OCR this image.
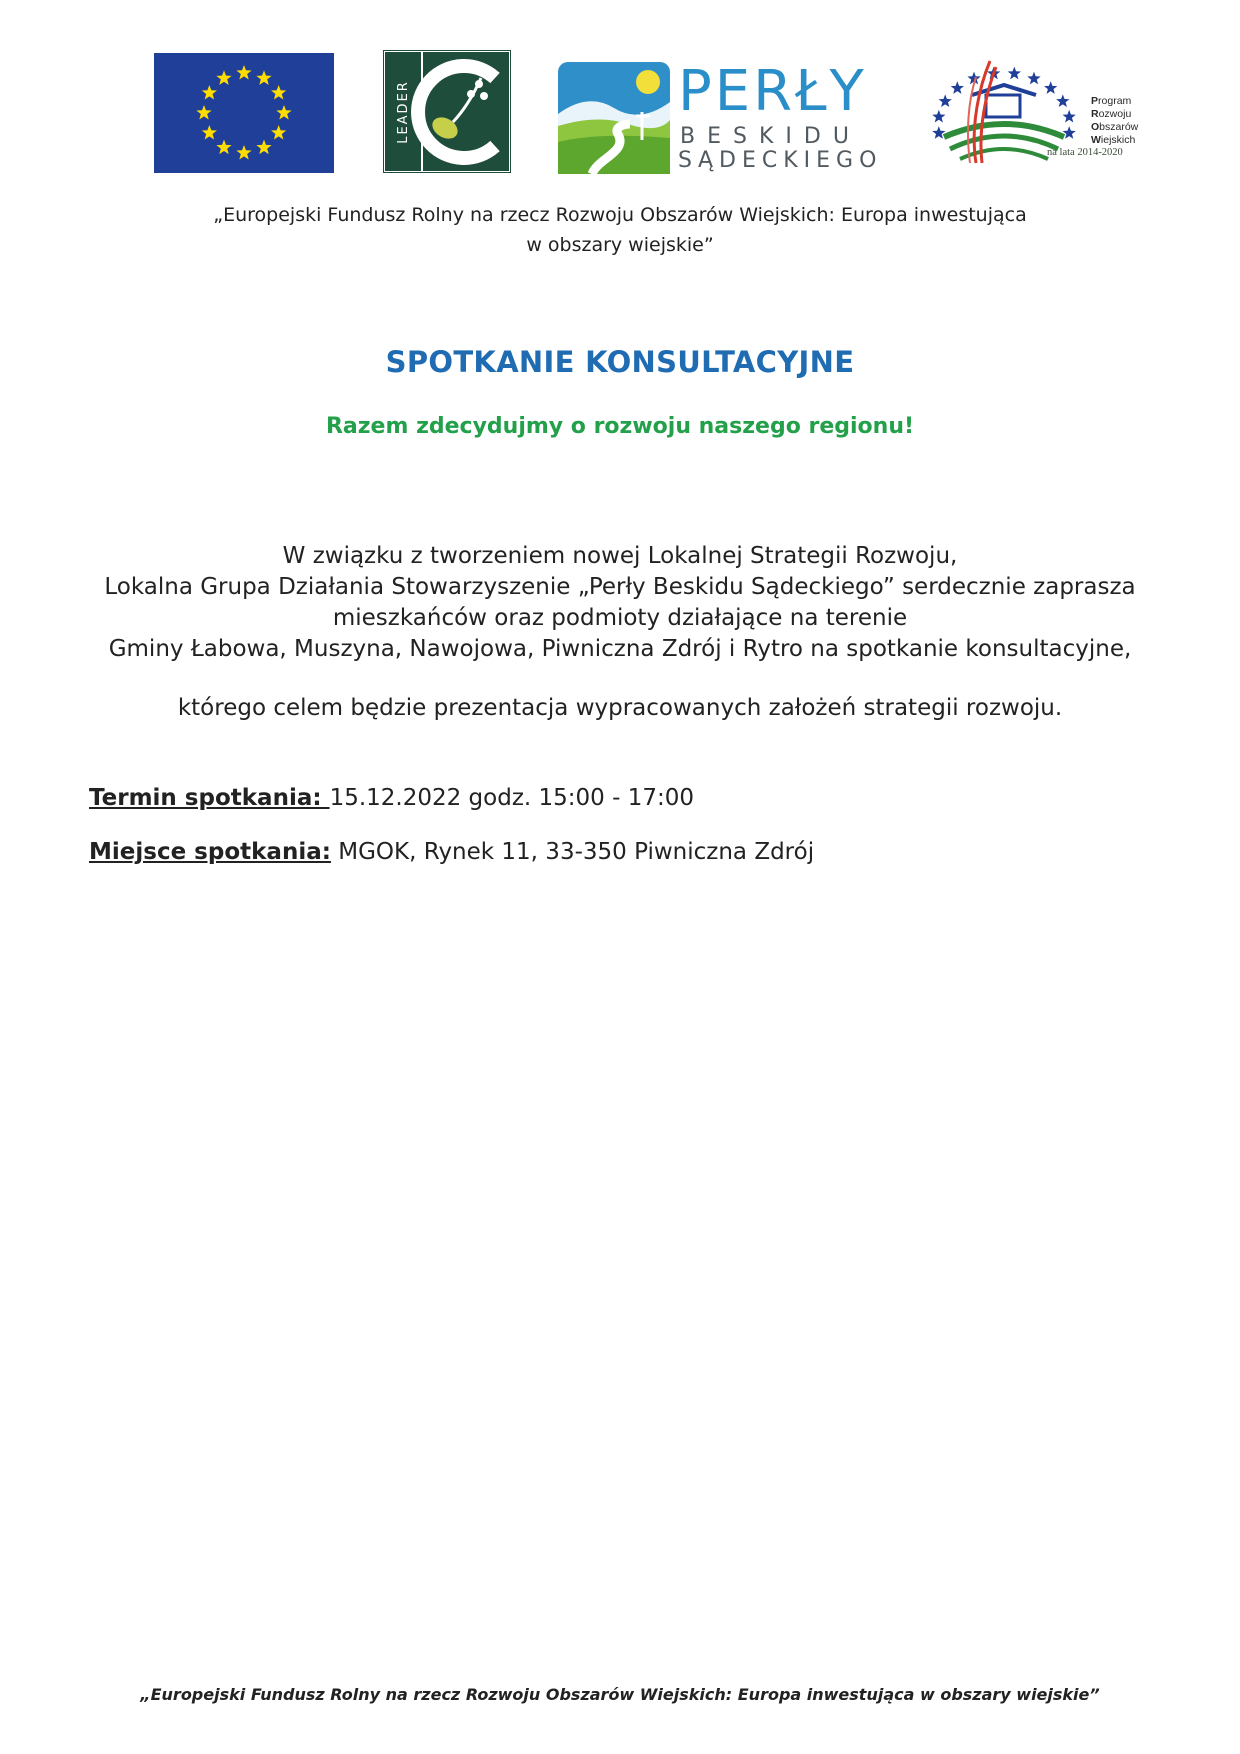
LEADER	PERŁY
BESKIDU
SĄDECKIEGO
Program
Rozwoju
Obszarów
Wiejskich
na lata 2014-2020
„Europejski Fundusz Rolny na rzecz Rozwoju Obszarów Wiejskich: Europa inwestująca
w obszary wiejskie”
SPOTKANIE KONSULTACYJNE
Razem zdecydujmy o rozwoju naszego regionu!
W związku z tworzeniem nowej Lokalnej Strategii Rozwoju,
Lokalna Grupa Działania Stowarzyszenie „Perły Beskidu Sądeckiego” serdecznie zaprasza
mieszkańców oraz podmioty działające na terenie
Gminy Łabowa, Muszyna, Nawojowa, Piwniczna Zdrój i Rytro na spotkanie konsultacyjne,
którego celem będzie prezentacja wypracowanych założeń strategii rozwoju.
Termin spotkania: 15.12.2022 godz. 15:00 - 17:00
Miejsce spotkania: MGOK, Rynek 11, 33-350 Piwniczna Zdrój
„Europejski Fundusz Rolny na rzecz Rozwoju Obszarów Wiejskich: Europa inwestująca w obszary wiejskie”
